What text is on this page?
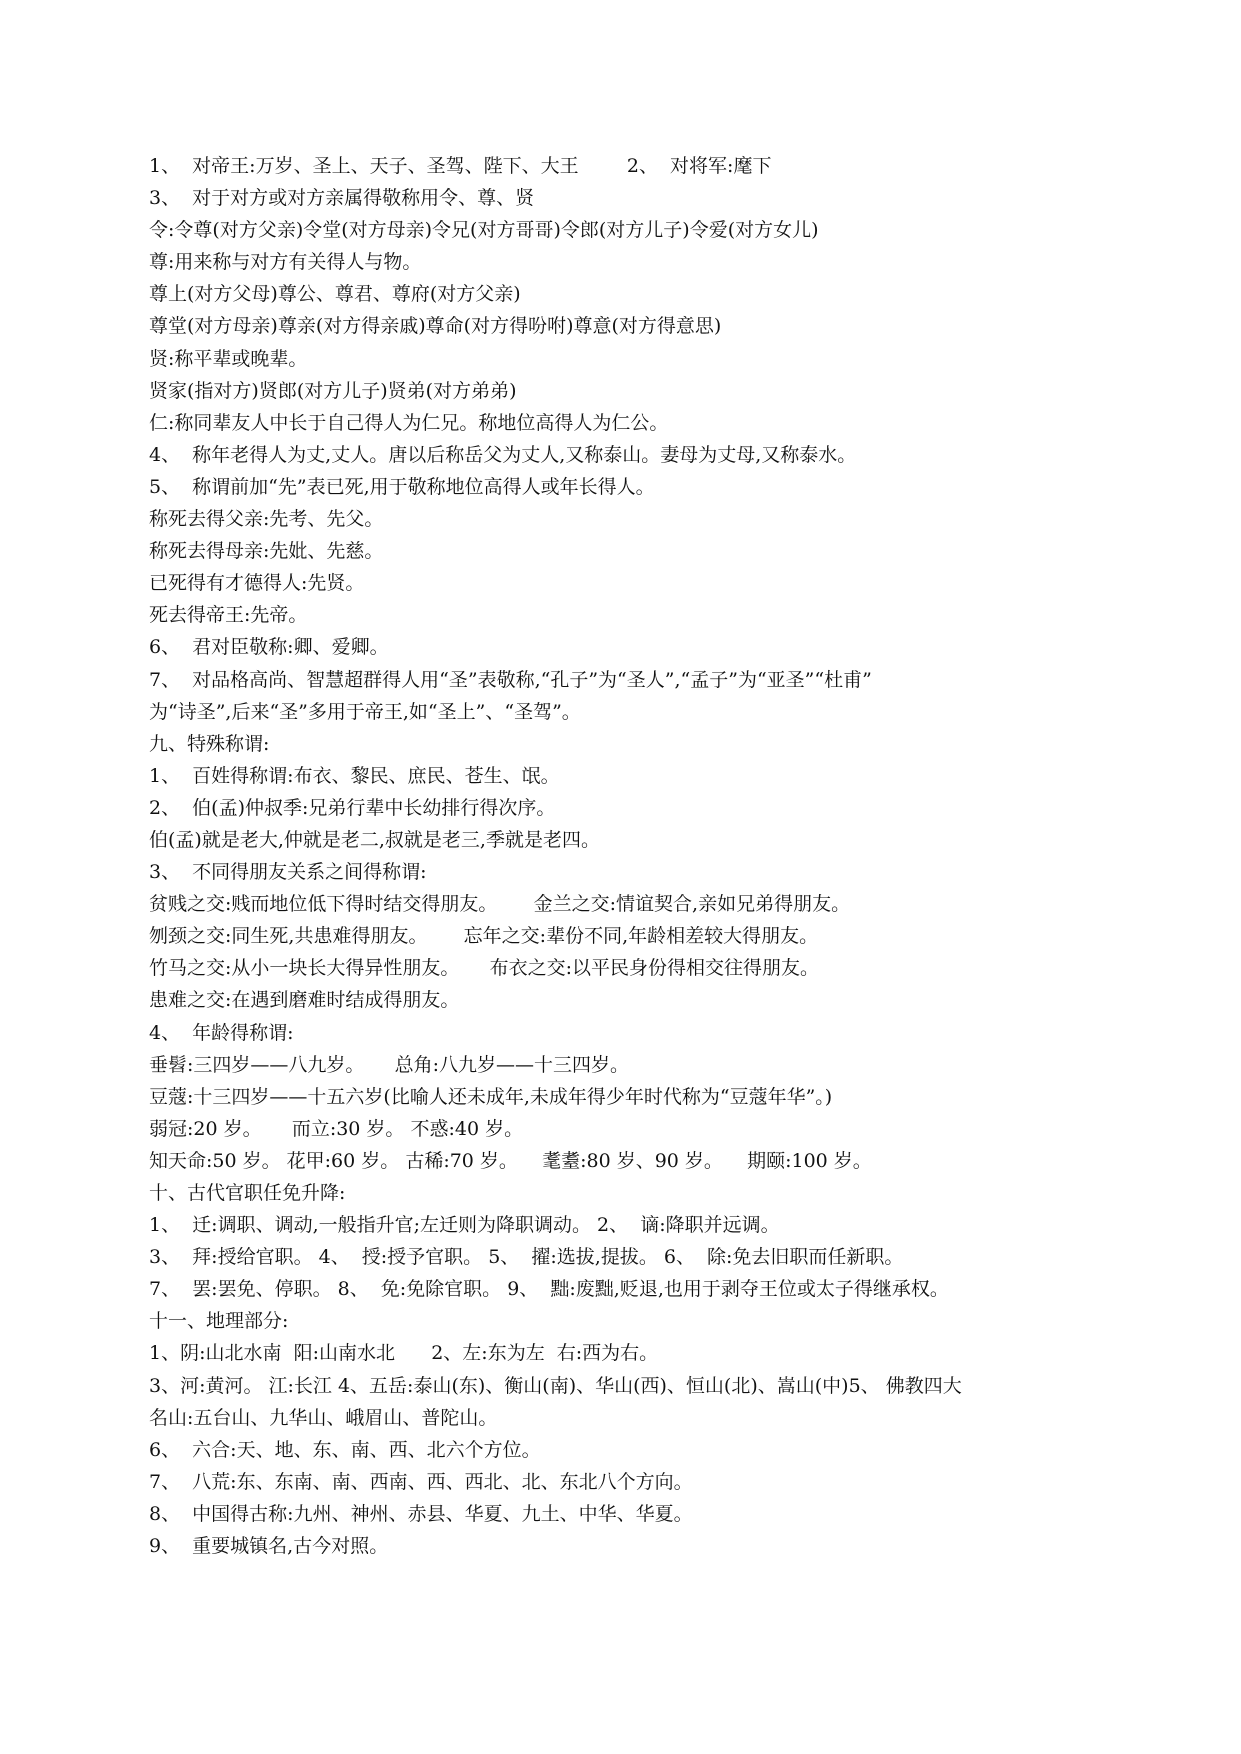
1、  对帝王:万岁、圣上、天子、圣驾、陛下、大王        2、  对将军:麾下
3、  对于对方或对方亲属得敬称用令、尊、贤
令:令尊(对方父亲)令堂(对方母亲)令兄(对方哥哥)令郎(对方儿子)令爱(对方女儿)
尊:用来称与对方有关得人与物。
尊上(对方父母)尊公、尊君、尊府(对方父亲)
尊堂(对方母亲)尊亲(对方得亲戚)尊命(对方得吩咐)尊意(对方得意思)
贤:称平辈或晚辈。
贤家(指对方)贤郎(对方儿子)贤弟(对方弟弟)
仁:称同辈友人中长于自己得人为仁兄。称地位高得人为仁公。
4、  称年老得人为丈,丈人。唐以后称岳父为丈人,又称泰山。妻母为丈母,又称泰水。
5、  称谓前加“先”表已死,用于敬称地位高得人或年长得人。
称死去得父亲:先考、先父。
称死去得母亲:先妣、先慈。
已死得有才德得人:先贤。
死去得帝王:先帝。
6、  君对臣敬称:卿、爱卿。
7、  对品格高尚、智慧超群得人用“圣”表敬称,“孔子”为“圣人”,“孟子”为“亚圣”“杜甫”
为“诗圣”,后来“圣”多用于帝王,如“圣上”、“圣驾”。
九、特殊称谓:
1、  百姓得称谓:布衣、黎民、庶民、苍生、氓。
2、  伯(孟)仲叔季:兄弟行辈中长幼排行得次序。
伯(孟)就是老大,仲就是老二,叔就是老三,季就是老四。
3、  不同得朋友关系之间得称谓:
贫贱之交:贱而地位低下得时结交得朋友。      金兰之交:情谊契合,亲如兄弟得朋友。
刎颈之交:同生死,共患难得朋友。      忘年之交:辈份不同,年龄相差较大得朋友。
竹马之交:从小一块长大得异性朋友。     布衣之交:以平民身份得相交往得朋友。
患难之交:在遇到磨难时结成得朋友。
4、  年龄得称谓:
垂髫:三四岁——八九岁。     总角:八九岁——十三四岁。
豆蔻:十三四岁——十五六岁(比喻人还未成年,未成年得少年时代称为“豆蔻年华”。)
弱冠:20 岁。     而立:30 岁。 不惑:40 岁。
知天命:50 岁。 花甲:60 岁。 古稀:70 岁。    耄耋:80 岁、90 岁。    期颐:100 岁。
十、古代官职任免升降:
1、  迁:调职、调动,一般指升官;左迁则为降职调动。 2、  谪:降职并远调。
3、  拜:授给官职。 4、  授:授予官职。 5、  擢:选拔,提拔。 6、  除:免去旧职而任新职。
7、  罢:罢免、停职。 8、  免:免除官职。 9、  黜:废黜,贬退,也用于剥夺王位或太子得继承权。
十一、地理部分:
1、阴:山北水南  阳:山南水北      2、左:东为左  右:西为右。
3、河:黄河。 江:长江 4、五岳:泰山(东)、衡山(南)、华山(西)、恒山(北)、嵩山(中)5、 佛教四大
名山:五台山、九华山、峨眉山、普陀山。
6、  六合:天、地、东、南、西、北六个方位。
7、  八荒:东、东南、南、西南、西、西北、北、东北八个方向。
8、  中国得古称:九州、神州、赤县、华夏、九土、中华、华夏。
9、  重要城镇名,古今对照。
